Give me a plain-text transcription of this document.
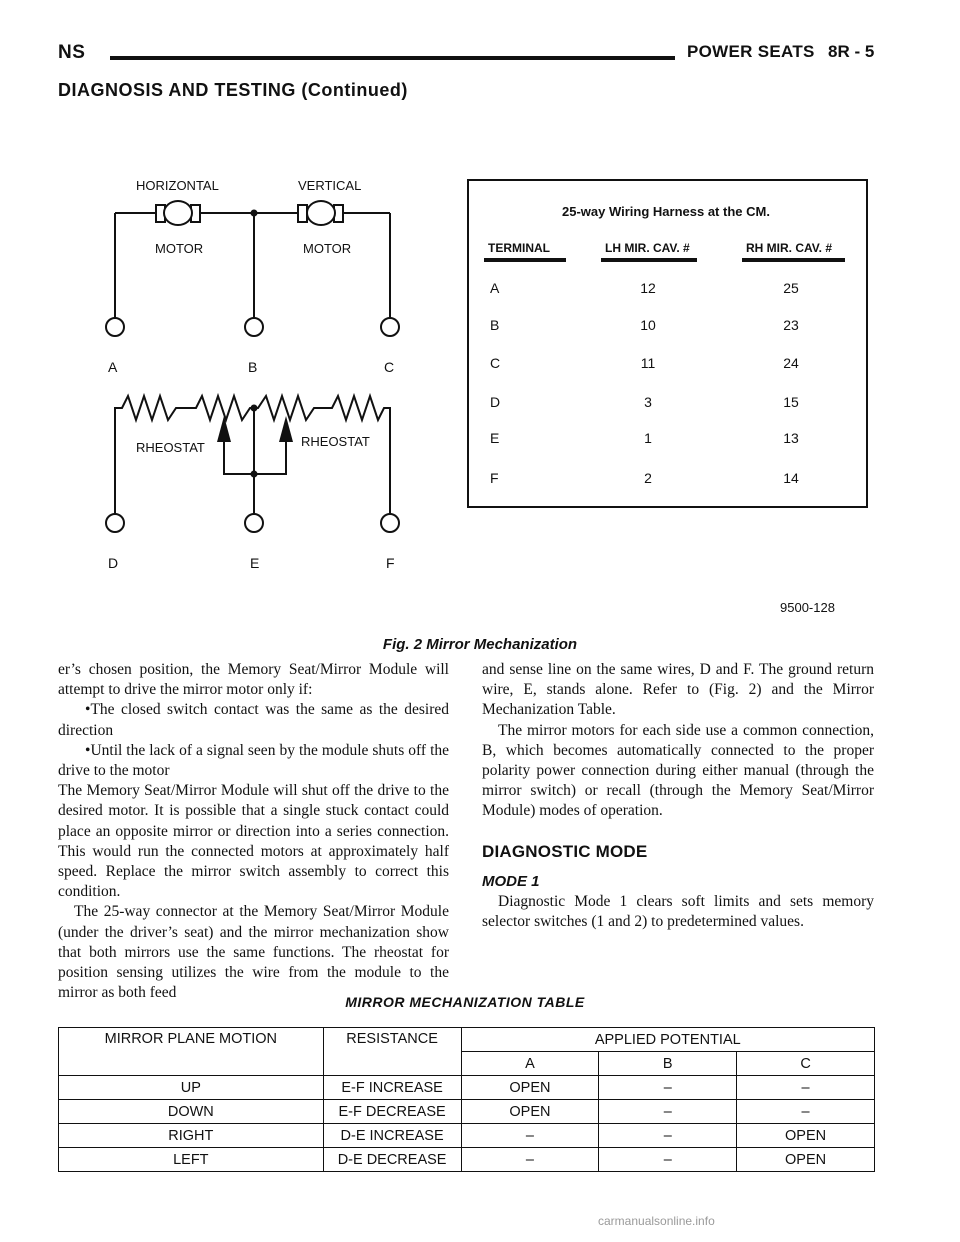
NS	POWER SEATS 8R - 5
DIAGNOSIS AND TESTING (Continued)
HORIZONTAL	VERTICAL
MOTOR	MOTOR
RHEOSTAT	RHEOSTAT
A	B	C
D	E	F
25-way Wiring Harness at the CM.
TERMINAL	LH MIR. CAV. #	RH MIR. CAV. #
A	12	25
B	10	23
C	11	24
D	3	15
E	1	13
F	2	14
9500-128
Fig. 2 Mirror Mechanization

er’s chosen position, the Memory Seat/Mirror Module will attempt to drive the mirror motor only if:

•The closed switch contact was the same as the desired direction

•Until the lack of a signal seen by the module shuts off the drive to the motor

The Memory Seat/Mirror Module will shut off the drive to the desired motor. It is possible that a single stuck contact could place an opposite mirror or direction into a series connection. This would run the connected motors at approximately half speed. Replace the mirror switch assembly to correct this condition.

The 25-way connector at the Memory Seat/Mirror Module (under the driver’s seat) and the mirror mechanization show that both mirrors use the same functions. The rheostat for position sensing utilizes the wire from the module to the mirror as both feed

and sense line on the same wires, D and F. The ground return wire, E, stands alone. Refer to (Fig. 2) and the Mirror Mechanization Table.

The mirror motors for each side use a common connection, B, which becomes automatically connected to the proper polarity power connection during either manual (through the mirror switch) or recall (through the Memory Seat/Mirror Module) modes of operation.

DIAGNOSTIC MODE
MODE 1

Diagnostic Mode 1 clears soft limits and sets memory selector switches (1 and 2) to predetermined values.

MIRROR MECHANIZATION TABLE
MIRROR PLANE MOTION	RESISTANCE	APPLIED POTENTIAL		
		A	B	C
UP	E-F INCREASE	OPEN	–	–
DOWN	E-F DECREASE	OPEN	–	–
RIGHT	D-E INCREASE	–	–	OPEN
LEFT	D-E DECREASE	–	–	OPEN
carmanualsonline.info
